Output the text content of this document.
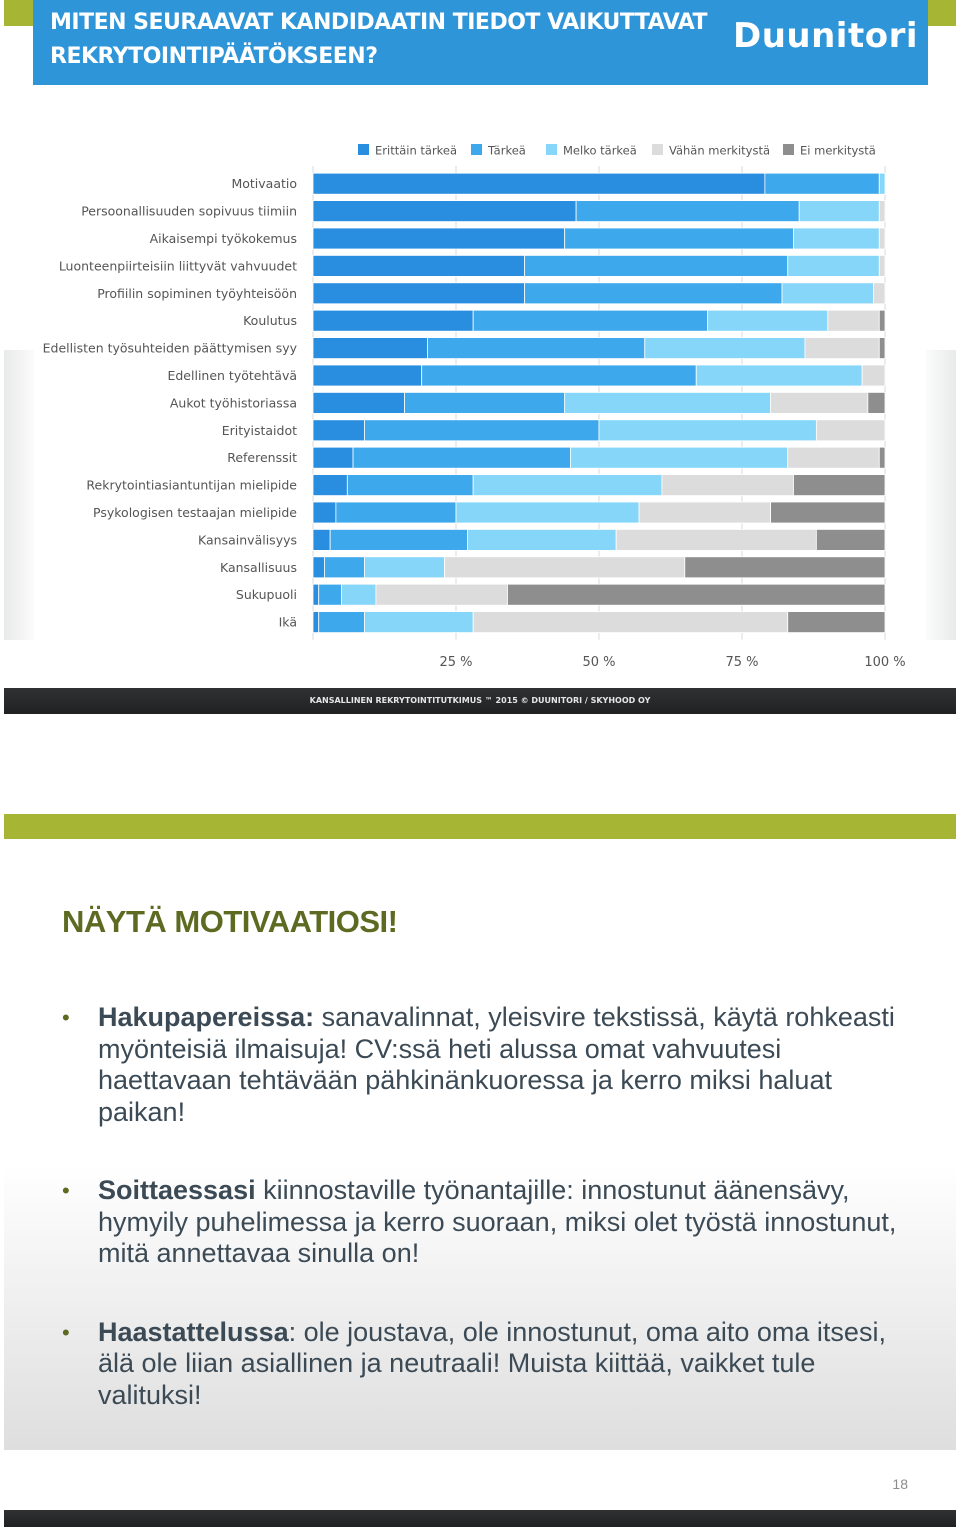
MITEN SEURAAVAT KANDIDAATIN TIEDOT VAIKUTTAVAT REKRYTOINTIPÄÄTÖKSEEN?
Duunitori
Erittäin tärkeä	Tärkeä	Melko tärkeä	Vähän merkitystä	Ei merkitystä
Motivaatio
Persoonallisuuden sopivuus tiimiin
Aikaisempi työkokemus
Luonteenpiirteisiin liittyvät vahvuudet
Profiilin sopiminen työyhteisöön
Koulutus
Edellisten työsuhteiden päättymisen syy
Edellinen työtehtävä
Aukot työhistoriassa
Erityistaidot
Referenssit
Rekrytointiasiantuntijan mielipide
Psykologisen testaajan mielipide
Kansainvälisyys
Kansallisuus
Sukupuoli
Ikä
25 %	50 %	75 %	100 %
KANSALLINEN REKRYTOINTITUTKIMUS ™ 2015 © DUUNITORI / SKYHOOD OY
NÄYTÄ MOTIVAATIOSI!
• Hakupapereissa: sanavalinnat, yleisvire tekstissä, käytä rohkeasti myönteisiä ilmaisuja! CV:ssä heti alussa omat vahvuutesi haettavaan tehtävään pähkinänkuoressa ja kerro miksi haluat paikan!
• Soittaessasi kiinnostaville työnantajille: innostunut äänensävy, hymyily puhelimessa ja kerro suoraan, miksi olet työstä innostunut, mitä annettavaa sinulla on!
• Haastattelussa: ole joustava, ole innostunut, oma aito oma itsesi, älä ole liian asiallinen ja neutraali! Muista kiittää, vaikket tule valituksi!
18
